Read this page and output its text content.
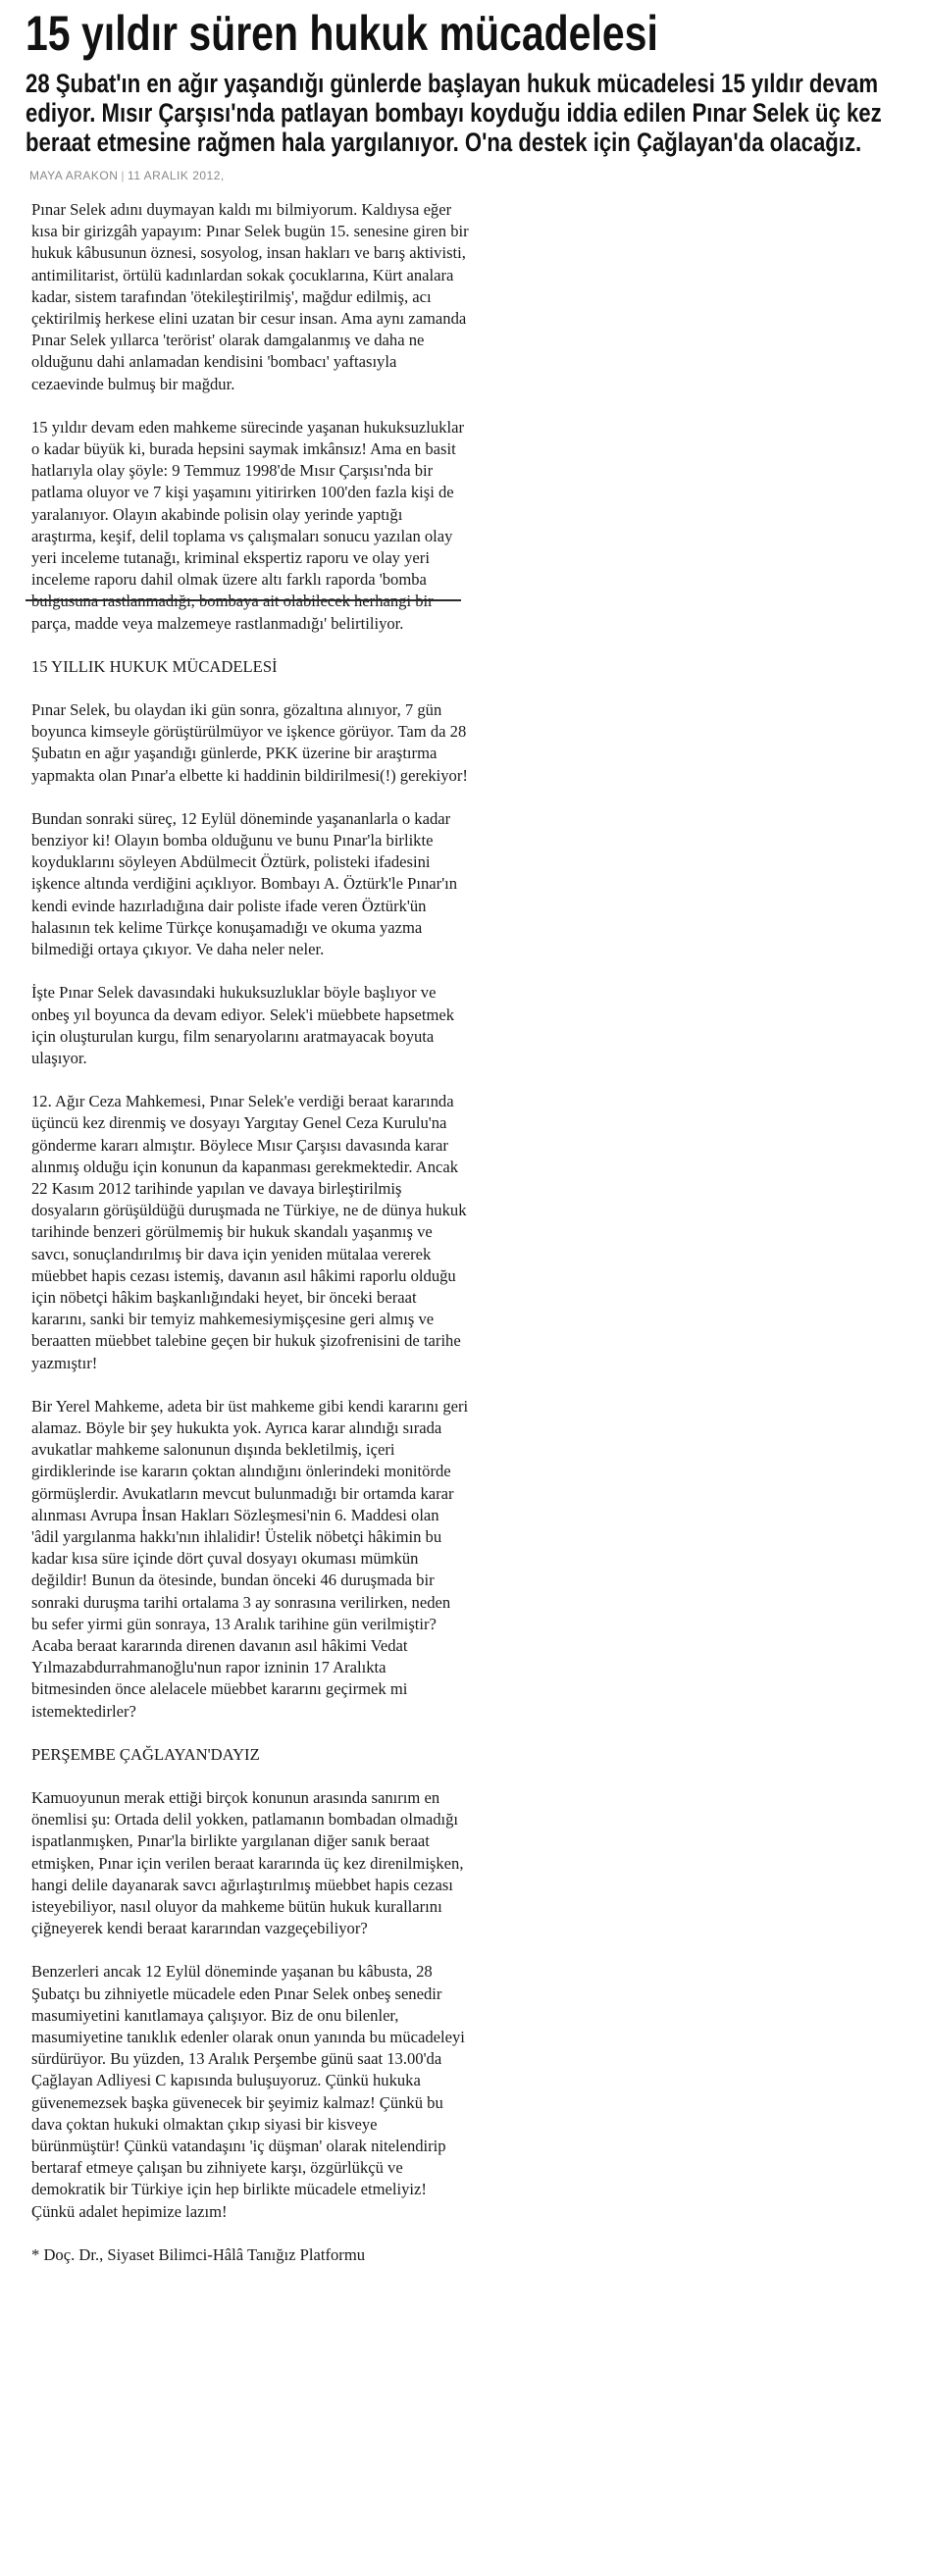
15 yıldır süren hukuk mücadelesi
28 Şubat'ın en ağır yaşandığı günlerde başlayan hukuk mücadelesi 15 yıldır devam ediyor. Mısır Çarşısı'nda patlayan bombayı koyduğu iddia edilen Pınar Selek üç kez beraat etmesine rağmen hala yargılanıyor. O'na destek için Çağlayan'da olacağız.
MAYA ARAKON | 11 ARALIK 2012,

Pınar Selek adını duymayan kaldı mı bilmiyorum. Kaldıysa eğer kısa bir girizgâh yapayım: Pınar Selek bugün 15. senesine giren bir hukuk kâbusunun öznesi, sosyolog, insan hakları ve barış aktivisti, antimilitarist, örtülü kadınlardan sokak çocuklarına, Kürt analara kadar, sistem tarafından 'ötekileştirilmiş', mağdur edilmiş, acı çektirilmiş herkese elini uzatan bir cesur insan. Ama aynı zamanda Pınar Selek yıllarca 'terörist' olarak damgalanmış ve daha ne olduğunu dahi anlamadan kendisini 'bombacı' yaftasıyla cezaevinde bulmuş bir mağdur.

15 yıldır devam eden mahkeme sürecinde yaşanan hukuksuzluklar o kadar büyük ki, burada hepsini saymak imkânsız! Ama en basit hatlarıyla olay şöyle: 9 Temmuz 1998'de Mısır Çarşısı'nda bir patlama oluyor ve 7 kişi yaşamını yitirirken 100'den fazla kişi de yaralanıyor. Olayın akabinde polisin olay yerinde yaptığı araştırma, keşif, delil toplama vs çalışmaları sonucu yazılan olay yeri inceleme tutanağı, kriminal ekspertiz raporu ve olay yeri inceleme raporu dahil olmak üzere altı farklı raporda 'bomba parça, madde veya malzemeye rastlanmadığı' belirtiliyor.

15 YILLIK HUKUK MÜCADELESİ

Pınar Selek, bu olaydan iki gün sonra, gözaltına alınıyor, 7 gün boyunca kimseyle görüştürülmüyor ve işkence görüyor. Tam da 28 Şubatın en ağır yaşandığı günlerde, PKK üzerine bir araştırma yapmakta olan Pınar'a elbette ki haddinin bildirilmesi(!) gerekiyor!

Bundan sonraki süreç, 12 Eylül döneminde yaşananlarla o kadar benziyor ki! Olayın bomba olduğunu ve bunu Pınar'la birlikte koyduklarını söyleyen Abdülmecit Öztürk, polisteki ifadesini işkence altında verdiğini açıklıyor. Bombayı A. Öztürk'le Pınar'ın kendi evinde hazırladığına dair poliste ifade veren Öztürk'ün halasının tek kelime Türkçe konuşamadığı ve okuma yazma bilmediği ortaya çıkıyor. Ve daha neler neler.

İşte Pınar Selek davasındaki hukuksuzluklar böyle başlıyor ve onbeş yıl boyunca da devam ediyor. Selek'i müebbete hapsetmek için oluşturulan kurgu, film senaryolarını aratmayacak boyuta ulaşıyor.

12. Ağır Ceza Mahkemesi, Pınar Selek'e verdiği beraat kararında üçüncü kez direnmiş ve dosyayı Yargıtay Genel Ceza Kurulu'na gönderme kararı almıştır. Böylece Mısır Çarşısı davasında karar alınmış olduğu için konunun da kapanması gerekmektedir. Ancak 22 Kasım 2012 tarihinde yapılan ve davaya birleştirilmiş dosyaların görüşüldüğü duruşmada ne Türkiye, ne de dünya hukuk tarihinde benzeri görülmemiş bir hukuk skandalı yaşanmış ve savcı, sonuçlandırılmış bir dava için yeniden mütalaa vererek müebbet hapis cezası istemiş, davanın asıl hâkimi raporlu olduğu için nöbetçi hâkim başkanlığındaki heyet, bir önceki beraat kararını, sanki bir temyiz mahkemesiymişçesine geri almış ve beraatten müebbet talebine geçen bir hukuk şizofrenisini de tarihe yazmıştır!

Bir Yerel Mahkeme, adeta bir üst mahkeme gibi kendi kararını geri alamaz. Böyle bir şey hukukta yok. Ayrıca karar alındığı sırada avukatlar mahkeme salonunun dışında bekletilmiş, içeri girdiklerinde ise kararın çoktan alındığını önlerindeki monitörde görmüşlerdir. Avukatların mevcut bulunmadığı bir ortamda karar alınması Avrupa İnsan Hakları Sözleşmesi'nin 6. Maddesi olan 'âdil yargılanma hakkı'nın ihlalidir! Üstelik nöbetçi hâkimin bu kadar kısa süre içinde dört çuval dosyayı okuması mümkün değildir! Bunun da ötesinde, bundan önceki 46 duruşmada bir sonraki duruşma tarihi ortalama 3 ay sonrasına verilirken, neden bu sefer yirmi gün sonraya, 13 Aralık tarihine gün verilmiştir? Acaba beraat kararında direnen davanın asıl hâkimi Vedat Yılmazabdurrahmanoğlu'nun rapor izninin 17 Aralıkta bitmesinden önce alelacele müebbet kararını geçirmek mi istemektedirler?

PERŞEMBE ÇAĞLAYAN'DAYIZ

Kamuoyunun merak ettiği birçok konunun arasında sanırım en önemlisi şu: Ortada delil yokken, patlamanın bombadan olmadığı ispatlanmışken, Pınar'la birlikte yargılanan diğer sanık beraat etmişken, Pınar için verilen beraat kararında üç kez direnilmişken, hangi delile dayanarak savcı ağırlaştırılmış müebbet hapis cezası isteyebiliyor, nasıl oluyor da mahkeme bütün hukuk kurallarını çiğneyerek kendi beraat kararından vazgeçebiliyor?

Benzerleri ancak 12 Eylül döneminde yaşanan bu kâbusta, 28 Şubatçı bu zihniyetle mücadele eden Pınar Selek onbeş senedir masumiyetini kanıtlamaya çalışıyor. Biz de onu bilenler, masumiyetine tanıklık edenler olarak onun yanında bu mücadeleyi sürdürüyor. Bu yüzden, 13 Aralık Perşembe günü saat 13.00'da Çağlayan Adliyesi C kapısında buluşuyoruz. Çünkü hukuka güvenemezsek başka güvenecek bir şeyimiz kalmaz! Çünkü bu dava çoktan hukuki olmaktan çıkıp siyasi bir kisveye bürünmüştür! Çünkü vatandaşını 'iç düşman' olarak nitelendirip bertaraf etmeye çalışan bu zihniyete karşı, özgürlükçü ve demokratik bir Türkiye için hep birlikte mücadele etmeliyiz! Çünkü adalet hepimize lazım!

* Doç. Dr., Siyaset Bilimci-Hâlâ Tanığız Platformu
